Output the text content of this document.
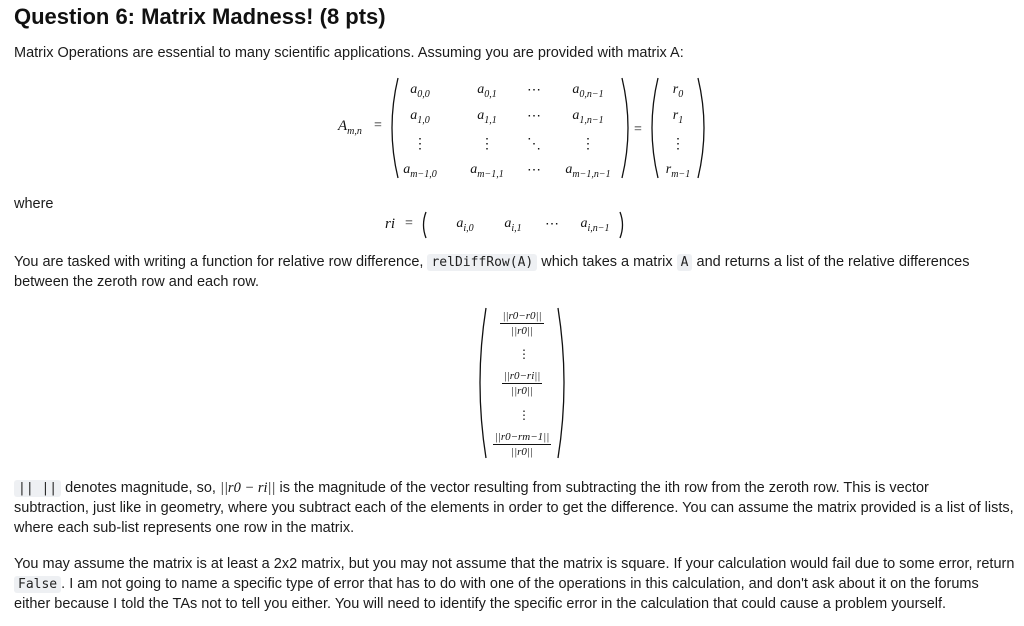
Question 6: Matrix Madness! (8 pts)
Matrix Operations are essential to many scientific applications. Assuming you are provided with matrix A:
$A_{m,n}$ =
$a_{0,0}$	$a_{0,1}$ ⋯ $a_{0,n-1}$
$a_{1,0}$	$a_{1,1}$ ⋯ $a_{1,n-1}$
⋮	⋮ ⋱	⋮
$a_{m-1,0}$ $a_{m-1,1}$ ⋯ $a_{m-1,n-1}$
=
$r_0$
$r_1$
⋮
$r_{m-1}$
where
ri =	$a_{i,0}$ $a_{i,1}$ ⋯ $a_{i,n-1}$
You are tasked with writing a function for relative row difference, relDiffRow(A) which takes a matrix A and returns a list of the relative differences
between the zeroth row and each row.
$\frac{||r0-r0||}{||r0||}$
⋮
$\frac{||r0-ri||}{||r0||}$
⋮
$\frac{||r0-rm-1||}{||r0||}$
|| || denotes magnitude, so, ||r0 − ri|| is the magnitude of the vector resulting from subtracting the ith row from the zeroth row. This is vector
subtraction, just like in geometry, where you subtract each of the elements in order to get the difference. You can assume the matrix provided is a list of lists,
where each sub-list represents one row in the matrix.
You may assume the matrix is at least a 2x2 matrix, but you may not assume that the matrix is square. If your calculation would fail due to some error, return
False . I am not going to name a specific type of error that has to do with one of the operations in this calculation, and don't ask about it on the forums
either because I told the TAs not to tell you either. You will need to identify the specific error in the calculation that could cause a problem yourself.
